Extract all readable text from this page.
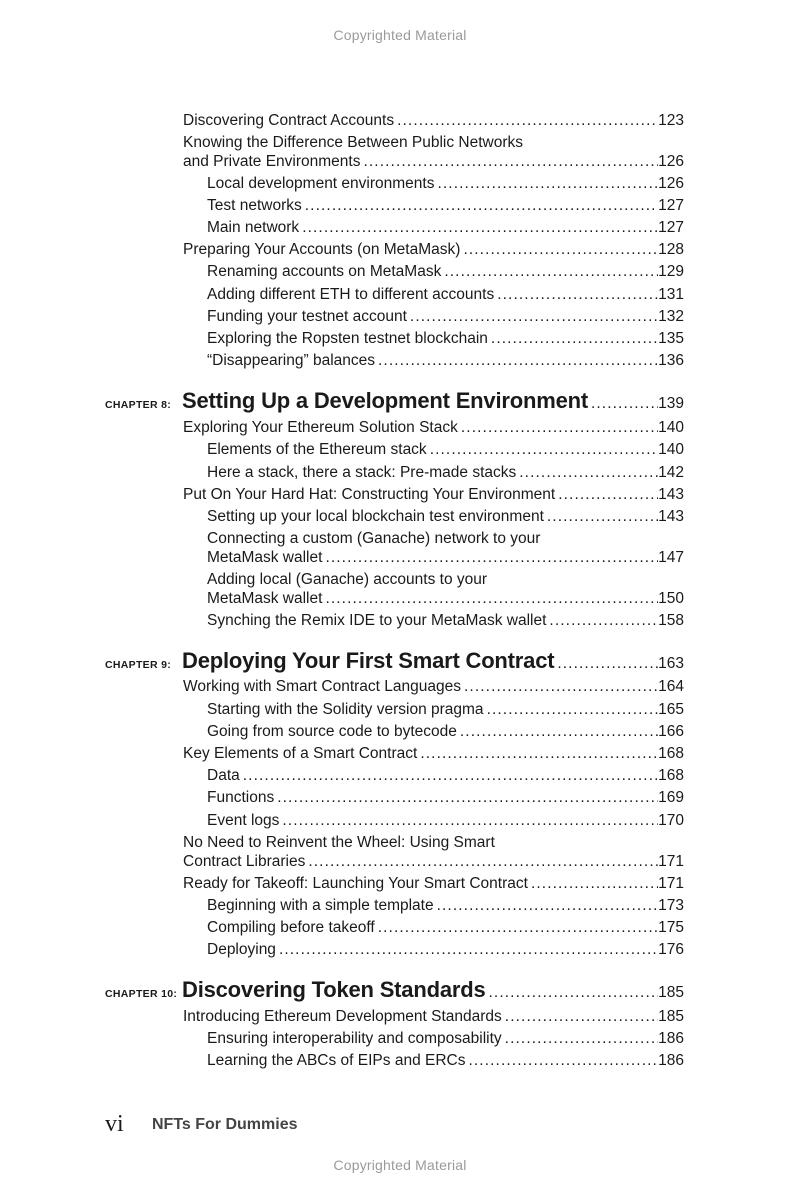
Copyrighted Material
Discovering Contract Accounts . . .	123
Knowing the Difference Between Public Networks
and Private Environments . . .	126
Local development environments . . .	126
Test networks . . .	127
Main network . . .	127
Preparing Your Accounts (on MetaMask) . . .	128
Renaming accounts on MetaMask . . .	129
Adding different ETH to different accounts . . .	131
Funding your testnet account . . .	132
Exploring the Ropsten testnet blockchain . . .	135
“Disappearing” balances . . .	136
CHAPTER 8: Setting Up a Development Environment . . .	139
Exploring Your Ethereum Solution Stack . . .	140
Elements of the Ethereum stack . . .	140
Here a stack, there a stack: Pre-made stacks . . .	142
Put On Your Hard Hat: Constructing Your Environment . . .	143
Setting up your local blockchain test environment . . .	143
Connecting a custom (Ganache) network to your
MetaMask wallet . . .	147
Adding local (Ganache) accounts to your
MetaMask wallet . . .	150
Synching the Remix IDE to your MetaMask wallet . . .	158
CHAPTER 9: Deploying Your First Smart Contract . . .	163
Working with Smart Contract Languages . . .	164
Starting with the Solidity version pragma . . .	165
Going from source code to bytecode . . .	166
Key Elements of a Smart Contract . . .	168
Data . . .	168
Functions . . .	169
Event logs . . .	170
No Need to Reinvent the Wheel: Using Smart
Contract Libraries . . .	171
Ready for Takeoff: Launching Your Smart Contract . . .	171
Beginning with a simple template . . .	173
Compiling before takeoff . . .	175
Deploying . . .	176
CHAPTER 10: Discovering Token Standards . . .	185
Introducing Ethereum Development Standards . . .	185
Ensuring interoperability and composability . . .	186
Learning the ABCs of EIPs and ERCs . . .	186
vi NFTs For Dummies
Copyrighted Material
